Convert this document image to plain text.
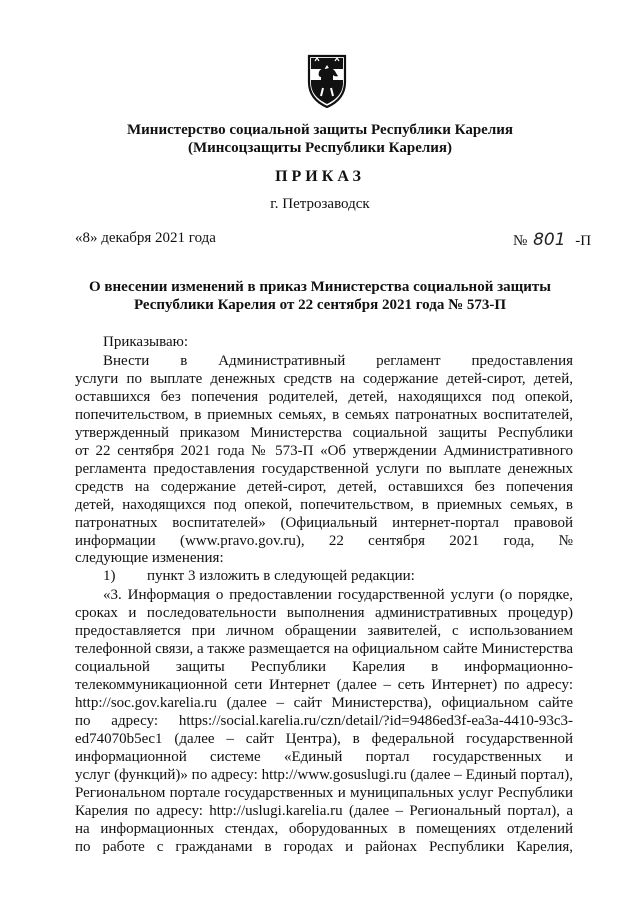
Министерство социальной защиты Республики Карелия
(Минсоцзащиты Республики Карелия)
ПРИКАЗ
г. Петрозаводск
«8» декабря 2021 года	№ 801 -П
О внесении изменений в приказ Министерства социальной защиты
Республики Карелия от 22 сентября 2021 года № 573-П
Приказываю:
Внести в Административный регламент предоставления
услуги по выплате денежных средств на содержание детей-сирот, детей,
оставшихся без попечения родителей, детей, находящихся под опекой,
попечительством, в приемных семьях, в семьях патронатных воспитателей,
утвержденный приказом Министерства социальной защиты Республики
от 22 сентября 2021 года № 573-П «Об утверждении Административного
регламента предоставления государственной услуги по выплате денежных
средств на содержание детей-сирот, детей, оставшихся без попечения
детей, находящихся под опекой, попечительством, в приемных семьях, в
патронатных воспитателей» (Официальный интернет-портал правовой
информации (www.pravo.gov.ru), 22 сентября 2021 года, №
следующие изменения:
1) пункт 3 изложить в следующей редакции:
«3. Информация о предоставлении государственной услуги (о порядке,
сроках и последовательности выполнения административных процедур)
предоставляется при личном обращении заявителей, с использованием
телефонной связи, а также размещается на официальном сайте Министерства
социальной защиты Республики Карелия в информационно-
телекоммуникационной сети Интернет (далее – сеть Интернет) по адресу:
http://soc.gov.karelia.ru (далее – сайт Министерства), официальном сайте
по адресу: https://social.karelia.ru/czn/detail/?id=9486ed3f-ea3a-4410-93c3-
ed74070b5ec1 (далее – сайт Центра), в федеральной государственной
информационной системе «Единый портал государственных и
услуг (функций)» по адресу: http://www.gosuslugi.ru (далее – Единый портал),
Региональном портале государственных и муниципальных услуг Республики
Карелия по адресу: http://uslugi.karelia.ru (далее – Региональный портал), а
на информационных стендах, оборудованных в помещениях отделений
по работе с гражданами в городах и районах Республики Карелия,
